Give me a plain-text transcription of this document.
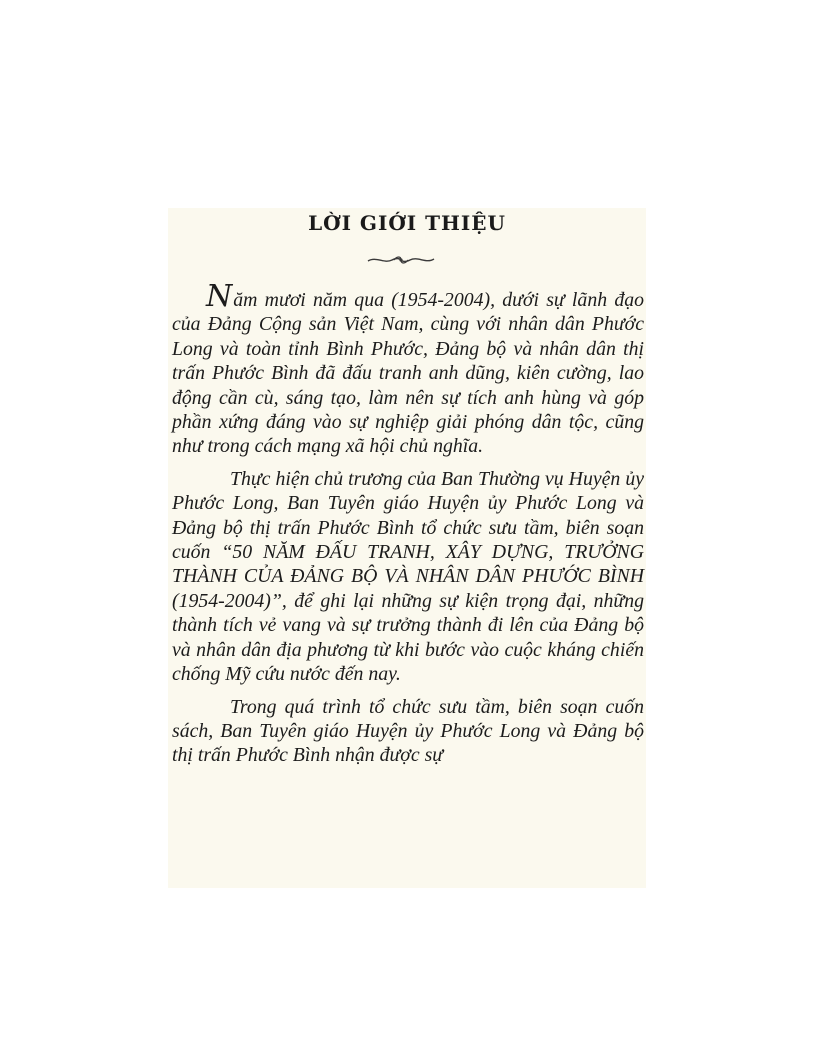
LỜI GIỚI THIỆU

Năm mươi năm qua (1954-2004), dưới sự lãnh đạo của Đảng Cộng sản Việt Nam, cùng với nhân dân Phước Long và toàn tỉnh Bình Phước, Đảng bộ và nhân dân thị trấn Phước Bình đã đấu tranh anh dũng, kiên cường, lao động cần cù, sáng tạo, làm nên sự tích anh hùng và góp phần xứng đáng vào sự nghiệp giải phóng dân tộc, cũng như trong cách mạng xã hội chủ nghĩa.

Thực hiện chủ trương của Ban Thường vụ Huyện ủy Phước Long, Ban Tuyên giáo Huyện ủy Phước Long và Đảng bộ thị trấn Phước Bình tổ chức sưu tầm, biên soạn cuốn “50 NĂM ĐẤU TRANH, XÂY DỰNG, TRƯỞNG THÀNH CỦA ĐẢNG BỘ VÀ NHÂN DÂN PHƯỚC BÌNH (1954-2004)”, để ghi lại những sự kiện trọng đại, những thành tích vẻ vang và sự trưởng thành đi lên của Đảng bộ và nhân dân địa phương từ khi bước vào cuộc kháng chiến chống Mỹ cứu nước đến nay.

Trong quá trình tổ chức sưu tầm, biên soạn cuốn sách, Ban Tuyên giáo Huyện ủy Phước Long và Đảng bộ thị trấn Phước Bình nhận được sự
